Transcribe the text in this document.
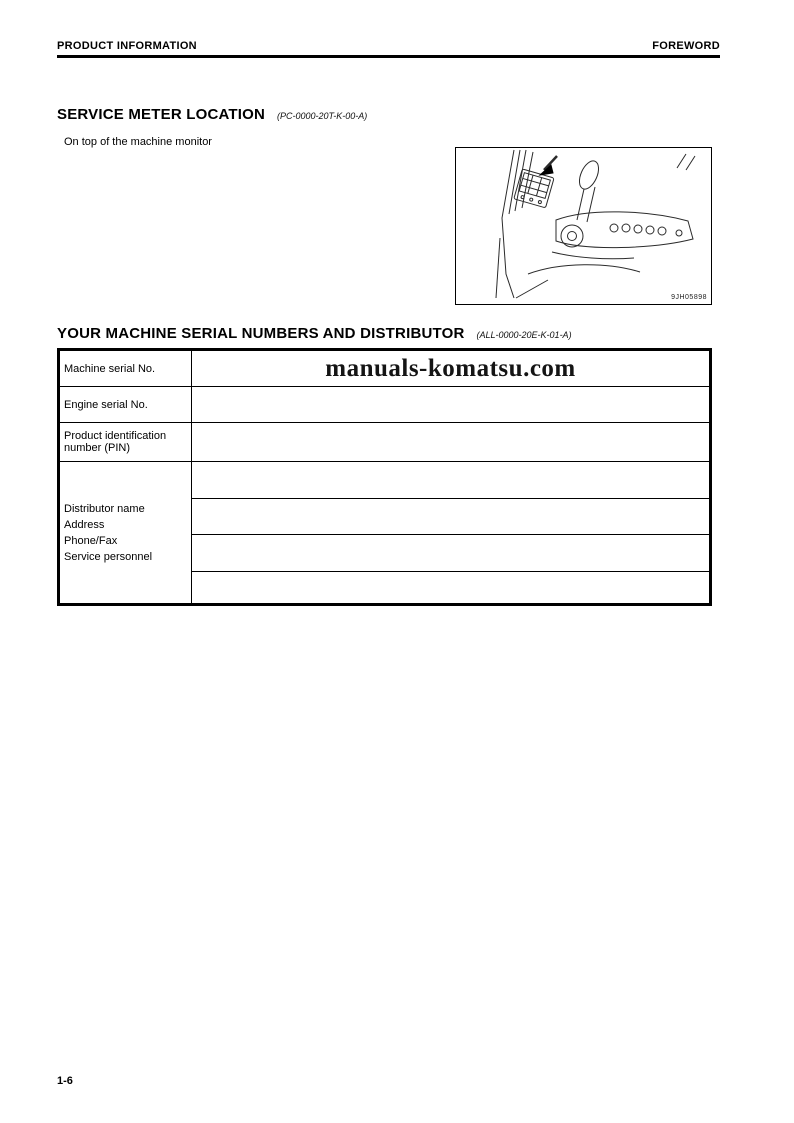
PRODUCT INFORMATION	FOREWORD
SERVICE METER LOCATION (PC-0000-20T-K-00-A)
On top of the machine monitor
9JH05898
YOUR MACHINE SERIAL NUMBERS AND DISTRIBUTOR (ALL-0000-20E-K-01-A)
Machine serial No.	manuals-komatsu.com

Engine serial No.	
Product identification number (PIN)	

Distributor name
Address
Phone/Fax
Service personnel	

1-6
